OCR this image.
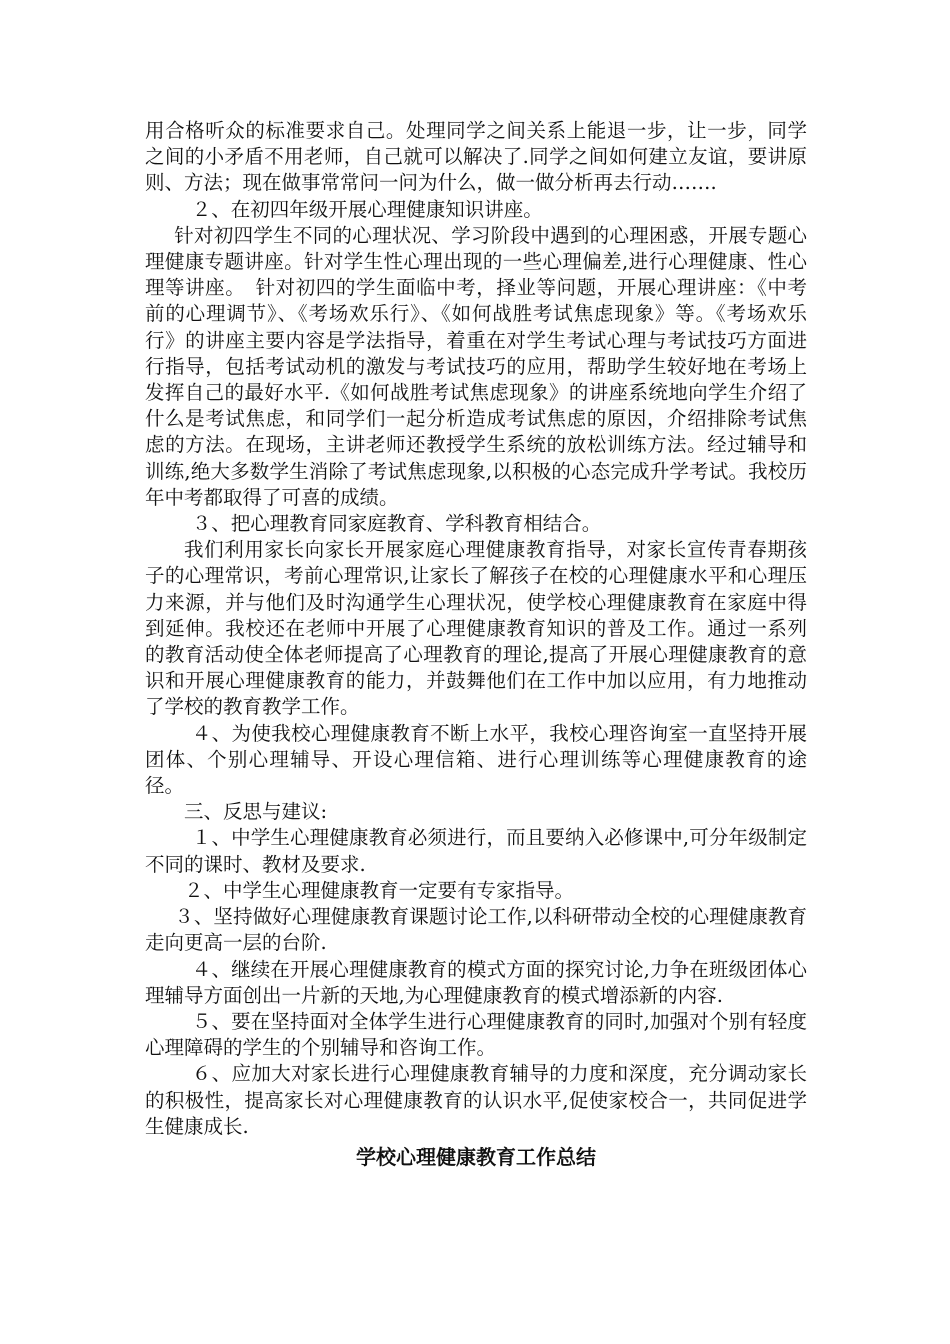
用合格听众的标准要求自己。处理同学之间关系上能退一步，让一步，同学之间的小矛盾不用老师，自己就可以解决了.同学之间如何建立友谊，要讲原则、方法；现在做事常常问一问为什么，做一做分析再去行动…….

２、在初四年级开展心理健康知识讲座。

针对初四学生不同的心理状况、学习阶段中遇到的心理困惑，开展专题心理健康专题讲座。针对学生性心理出现的一些心理偏差,进行心理健康、性心理等讲座。　针对初四的学生面临中考，择业等问题，开展心理讲座：《中考前的心理调节》、《考场欢乐行》、《如何战胜考试焦虑现象》等。《考场欢乐行》的讲座主要内容是学法指导，着重在对学生考试心理与考试技巧方面进行指导，包括考试动机的激发与考试技巧的应用，帮助学生较好地在考场上发挥自己的最好水平.《如何战胜考试焦虑现象》的讲座系统地向学生介绍了什么是考试焦虑，和同学们一起分析造成考试焦虑的原因，介绍排除考试焦虑的方法。在现场，主讲老师还教授学生系统的放松训练方法。经过辅导和训练,绝大多数学生消除了考试焦虑现象,以积极的心态完成升学考试。我校历年中考都取得了可喜的成绩。

３、把心理教育同家庭教育、学科教育相结合。

我们利用家长向家长开展家庭心理健康教育指导，对家长宣传青春期孩子的心理常识，考前心理常识,让家长了解孩子在校的心理健康水平和心理压力来源，并与他们及时沟通学生心理状况，使学校心理健康教育在家庭中得到延伸。我校还在老师中开展了心理健康教育知识的普及工作。通过一系列的教育活动使全体老师提高了心理教育的理论,提高了开展心理健康教育的意识和开展心理健康教育的能力，并鼓舞他们在工作中加以应用，有力地推动了学校的教育教学工作。

４、为使我校心理健康教育不断上水平，我校心理咨询室一直坚持开展团体、个别心理辅导、开设心理信箱、进行心理训练等心理健康教育的途径。

三、反思与建议:

１、中学生心理健康教育必须进行，而且要纳入必修课中,可分年级制定不同的课时、教材及要求.

２、中学生心理健康教育一定要有专家指导。

３、坚持做好心理健康教育课题讨论工作,以科研带动全校的心理健康教育走向更高一层的台阶.

４、继续在开展心理健康教育的模式方面的探究讨论,力争在班级团体心理辅导方面创出一片新的天地,为心理健康教育的模式增添新的内容.

５、要在坚持面对全体学生进行心理健康教育的同时,加强对个别有轻度心理障碍的学生的个别辅导和咨询工作。

６、应加大对家长进行心理健康教育辅导的力度和深度，充分调动家长的积极性，提高家长对心理健康教育的认识水平,促使家校合一，共同促进学生健康成长.

学校心理健康教育工作总结
